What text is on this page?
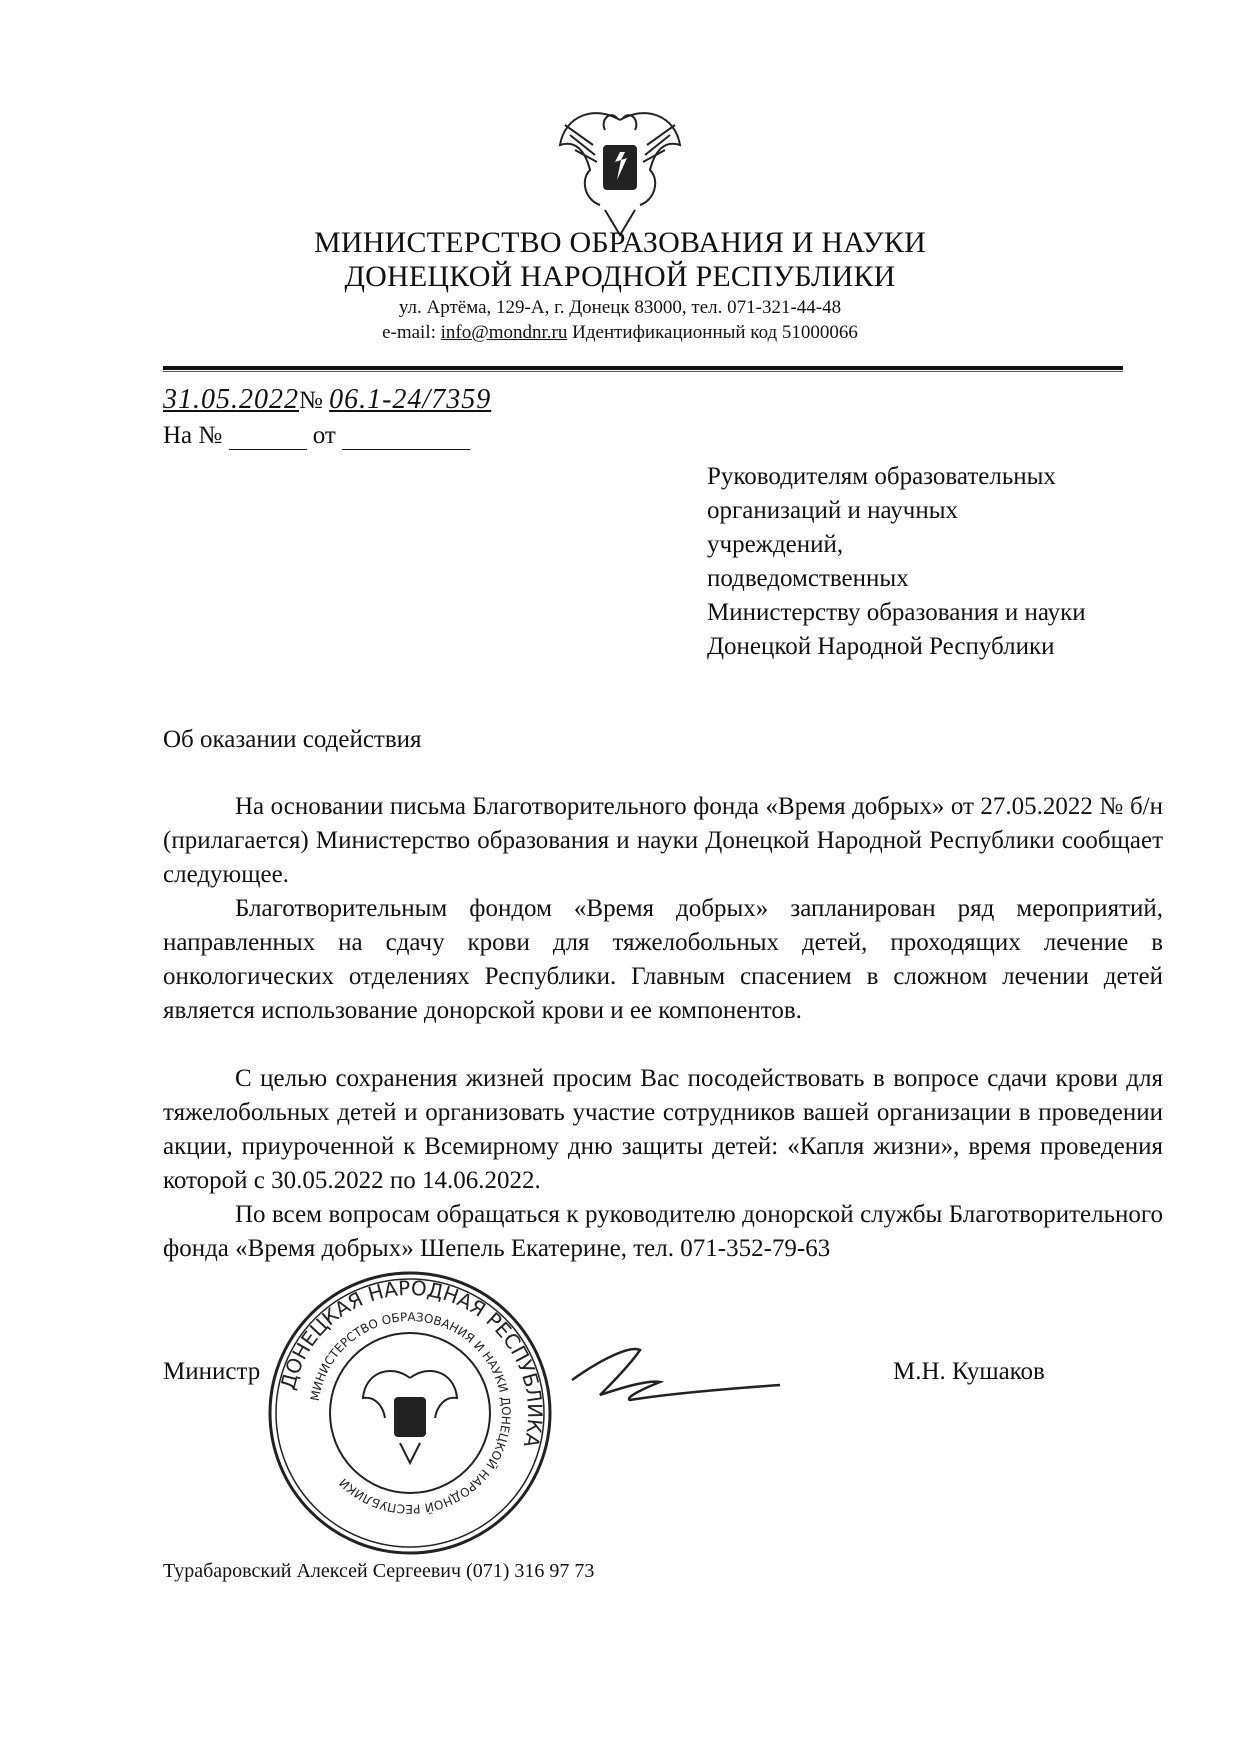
МИНИСТЕРСТВО ОБРАЗОВАНИЯ И НАУКИ
ДОНЕЦКОЙ НАРОДНОЙ РЕСПУБЛИКИ
ул. Артёма, 129-А, г. Донецк 83000, тел. 071-321-44-48
e-mail: info@mondnr.ru Идентификационный код 51000066
31.05.2022№ 06.1-24/7359
На №	от
Руководителям образовательных
организаций и научных
учреждений,
подведомственных
Министерству образования и науки
Донецкой Народной Республики
Об оказании содействия
На основании письма Благотворительного фонда «Время добрых» от 27.05.2022 № б/н (прилагается) Министерство образования и науки Донецкой Народной Республики сообщает следующее.
Благотворительным фондом «Время добрых» запланирован ряд мероприятий, направленных на сдачу крови для тяжелобольных детей, проходящих лечение в онкологических отделениях Республики. Главным спасением в сложном лечении детей является использование донорской крови и ее компонентов.
С целью сохранения жизней просим Вас посодействовать в вопросе сдачи крови для тяжелобольных детей и организовать участие сотрудников вашей организации в проведении акции, приуроченной к Всемирному дню защиты детей: «Капля жизни», время проведения которой с 30.05.2022 по 14.06.2022.
По всем вопросам обращаться к руководителю донорской службы Благотворительного фонда «Время добрых» Шепель Екатерине, тел. 071-352-79-63
Министр	М.Н. Кушаков
ДОНЕЦКАЯ НАРОДНАЯ РЕСПУБЛИКА
МИНИСТЕРСТВО ОБРАЗОВАНИЯ И НАУКИ ДОНЕЦКОЙ НАРОДНОЙ РЕСПУБЛИКИ
Турабаровский Алексей Сергеевич (071) 316 97 73
